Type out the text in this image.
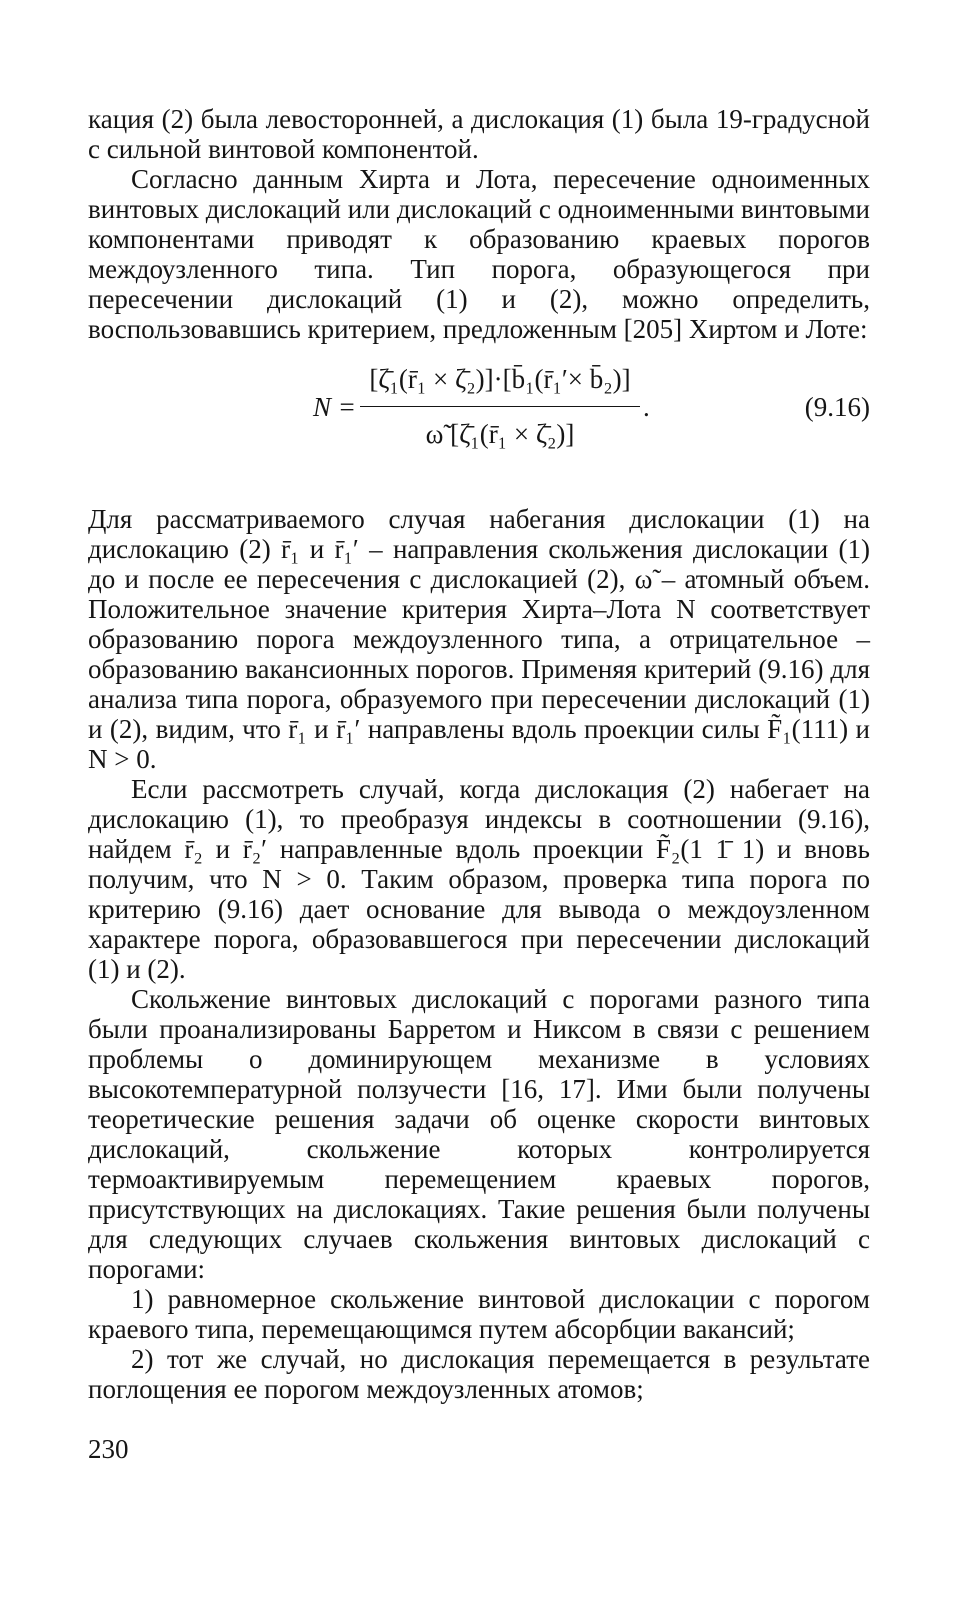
кация (2) была левосторонней, а дислокация (1) была 19-градусной с сильной винтовой компонентой.

Согласно данным Хирта и Лота, пересечение одноименных винтовых дислокаций или дислокаций с одноименными винтовыми компонентами приводят к образованию краевых порогов междоузленного типа. Тип порога, образующегося при пересечении дислокаций (1) и (2), можно определить, воспользовавшись критерием, предложенным [205] Хиртом и Лоте:

N =
[ζ̄₁(r̄₁ × ζ̄₂)]·[b̄₁(r̄₁′× b̄₂)]
ω̃ [ζ̄₁(r̄₁ × ζ̄₂)]
.	(9.16)

Для рассматриваемого случая набегания дислокации (1) на дислокацию (2) r̄₁ и r̄₁′ – направления скольжения дислокации (1) до и после ее пересечения с дислокацией (2), ω̃ – атомный объем. Положительное значение критерия Хирта–Лота N соответствует образованию порога междоузленного типа, а отрицательное – образованию вакансионных порогов. Применяя критерий (9.16) для анализа типа порога, образуемого при пересечении дислокаций (1) и (2), видим, что r̄₁ и r̄₁′ направлены вдоль проекции силы F̃₁(111) и N > 0.

Если рассмотреть случай, когда дислокация (2) набегает на дислокацию (1), то преобразуя индексы в соотношении (9.16), найдем r̄₂ и r̄₂′ направленные вдоль проекции F̃₂(1 1̄ 1) и вновь получим, что N > 0. Таким образом, проверка типа порога по критерию (9.16) дает основание для вывода о междоузленном характере порога, образовавшегося при пересечении дислокаций (1) и (2).

Скольжение винтовых дислокаций с порогами разного типа были проанализированы Барретом и Никсом в связи с решением проблемы о доминирующем механизме в условиях высокотемпературной ползучести [16, 17]. Ими были получены теоретические решения задачи об оценке скорости винтовых дислокаций, скольжение которых контролируется термоактивируемым перемещением краевых порогов, присутствующих на дислокациях. Такие решения были получены для следующих случаев скольжения винтовых дислокаций с порогами:

1) равномерное скольжение винтовой дислокации с порогом краевого типа, перемещающимся путем абсорбции вакансий;

2) тот же случай, но дислокация перемещается в результате поглощения ее порогом междоузленных атомов;

230
